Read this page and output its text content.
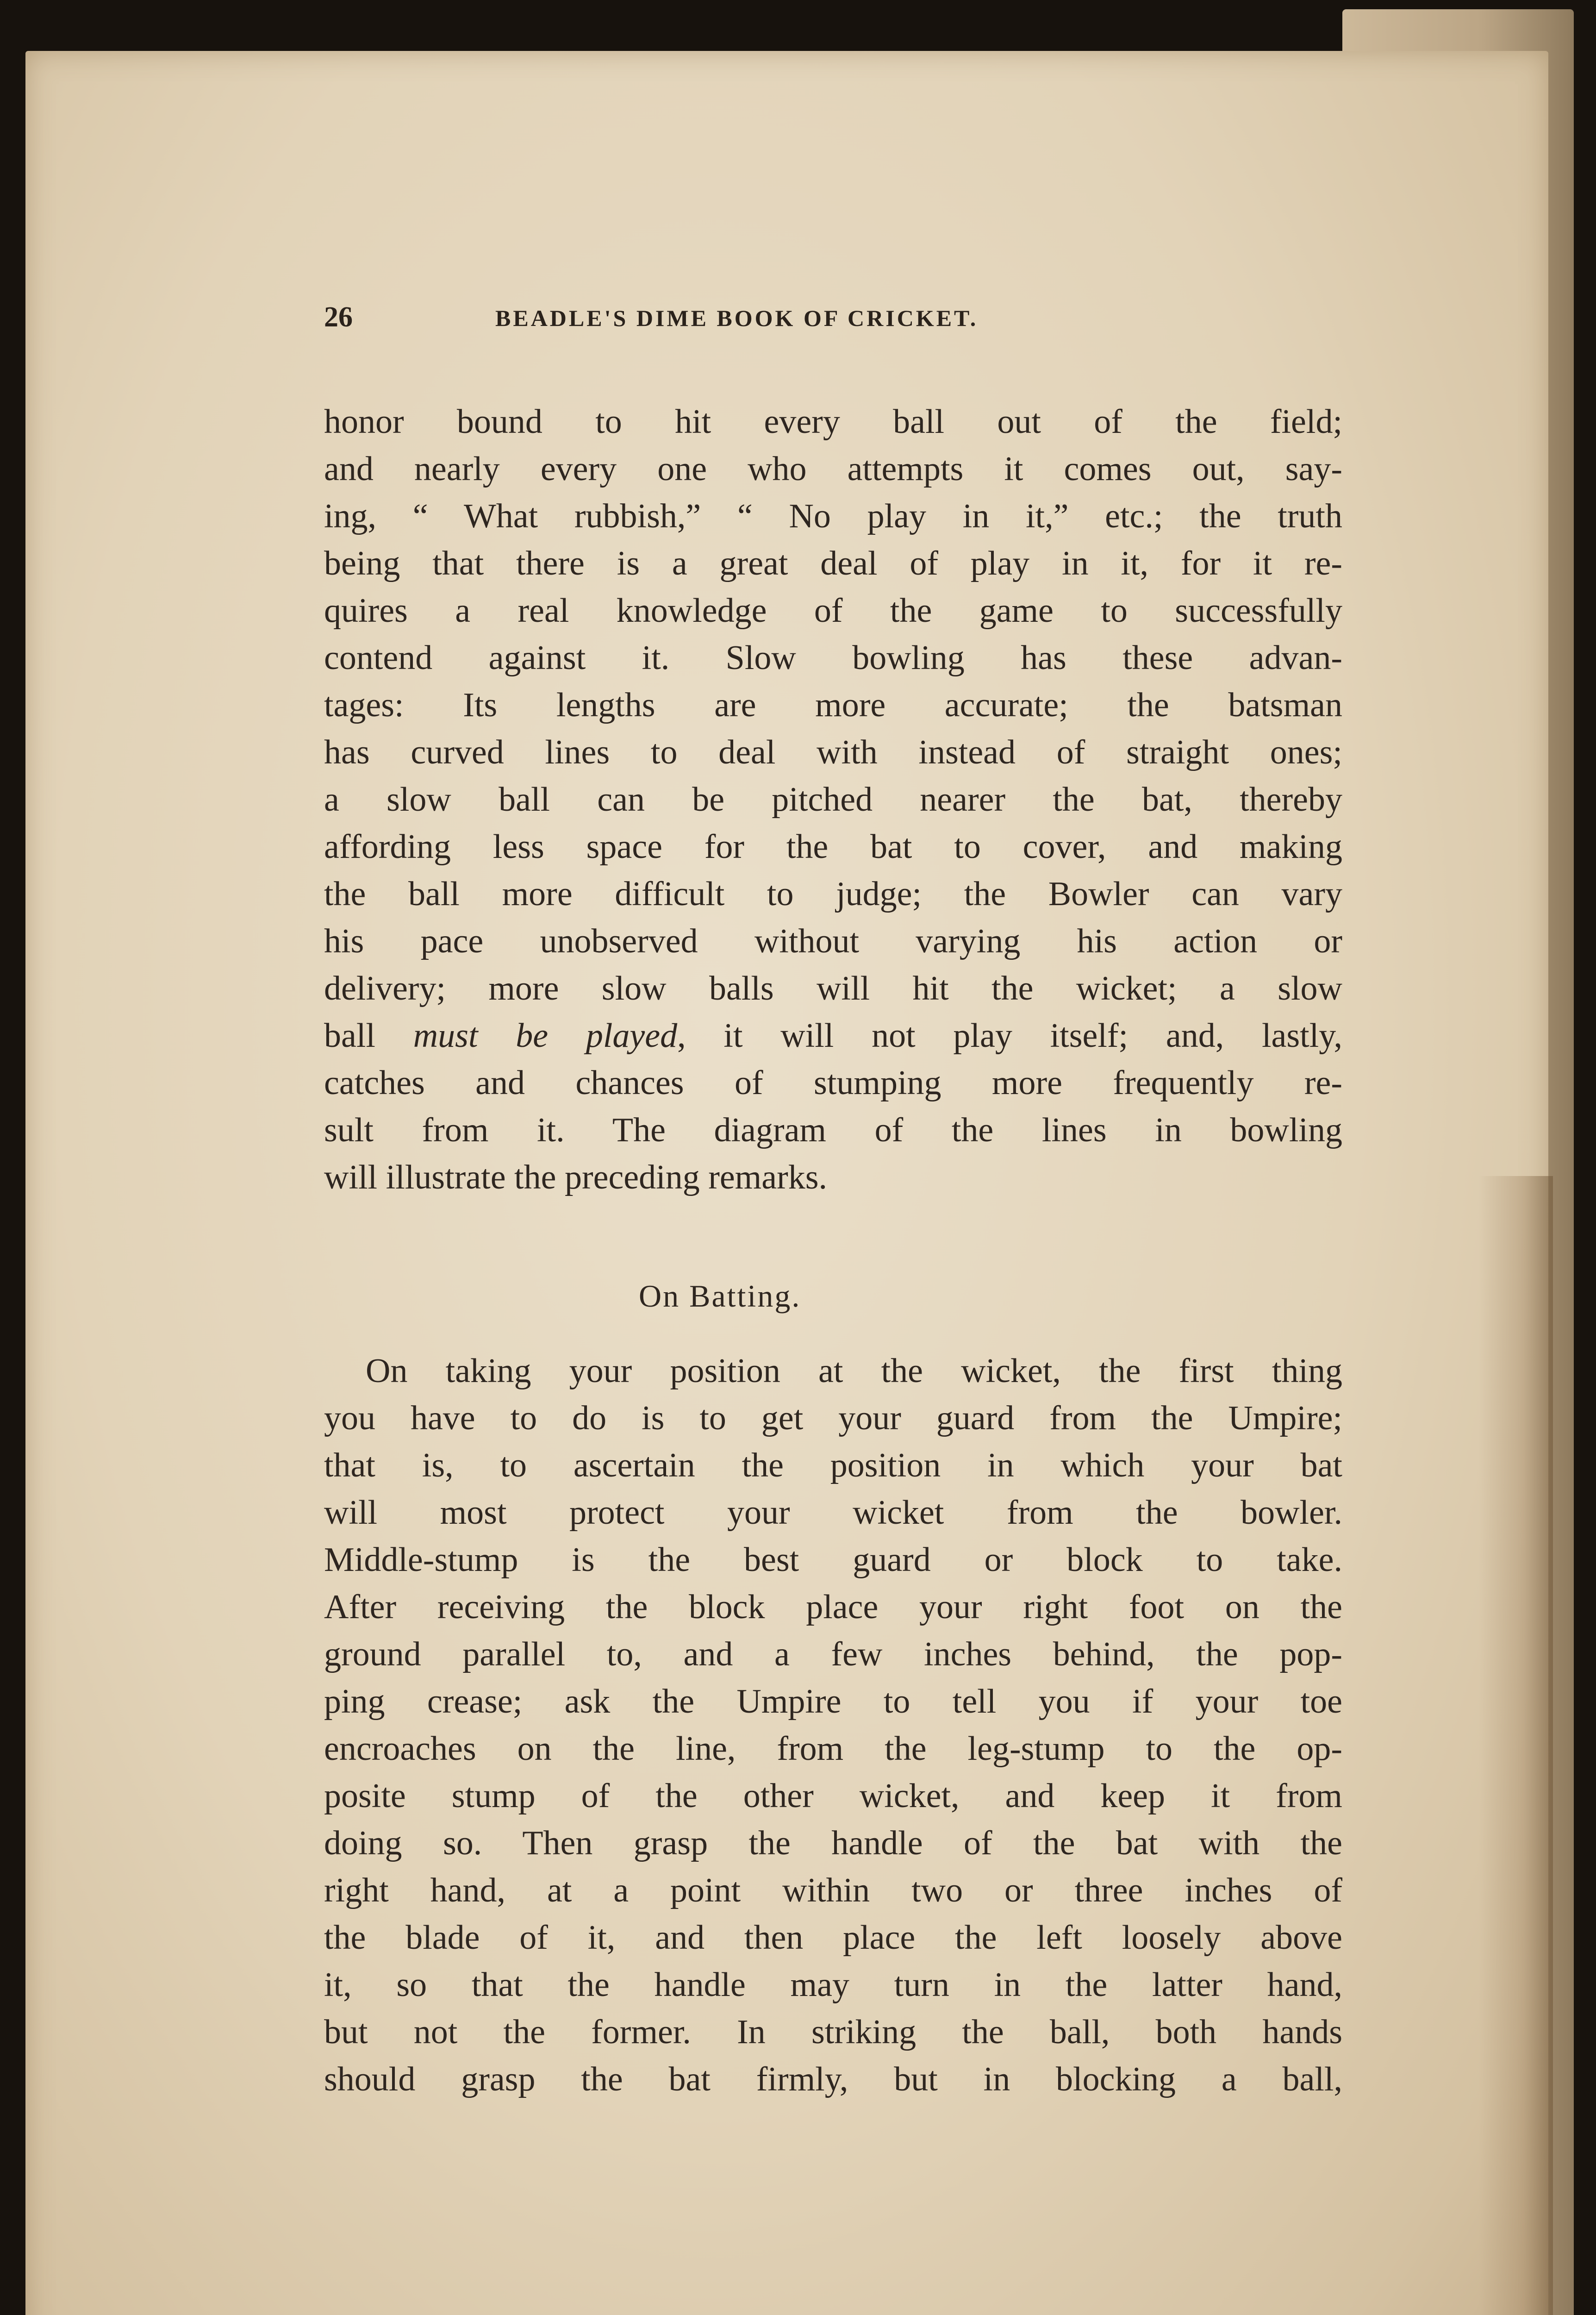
26	BEADLE'S DIME BOOK OF CRICKET.
honor bound to hit every ball out of the field;
and nearly every one who attempts it comes out, say-
ing, “ What rubbish,” “ No play in it,” etc.; the truth
being that there is a great deal of play in it, for it re-
quires a real knowledge of the game to successfully
contend against it. Slow bowling has these advan-
tages: Its lengths are more accurate; the batsman
has curved lines to deal with instead of straight ones;
a slow ball can be pitched nearer the bat, thereby
affording less space for the bat to cover, and making
the ball more difficult to judge; the Bowler can vary
his pace unobserved without varying his action or
delivery; more slow balls will hit the wicket; a slow
ball must be played, it will not play itself; and, lastly,
catches and chances of stumping more frequently re-
sult from it. The diagram of the lines in bowling
will illustrate the preceding remarks.
On Batting.
On taking your position at the wicket, the first thing
you have to do is to get your guard from the Umpire;
that is, to ascertain the position in which your bat
will most protect your wicket from the bowler.
Middle-stump is the best guard or block to take.
After receiving the block place your right foot on the
ground parallel to, and a few inches behind, the pop-
ping crease; ask the Umpire to tell you if your toe
encroaches on the line, from the leg-stump to the op-
posite stump of the other wicket, and keep it from
doing so. Then grasp the handle of the bat with the
right hand, at a point within two or three inches of
the blade of it, and then place the left loosely above
it, so that the handle may turn in the latter hand,
but not the former. In striking the ball, both hands
should grasp the bat firmly, but in blocking a ball,
